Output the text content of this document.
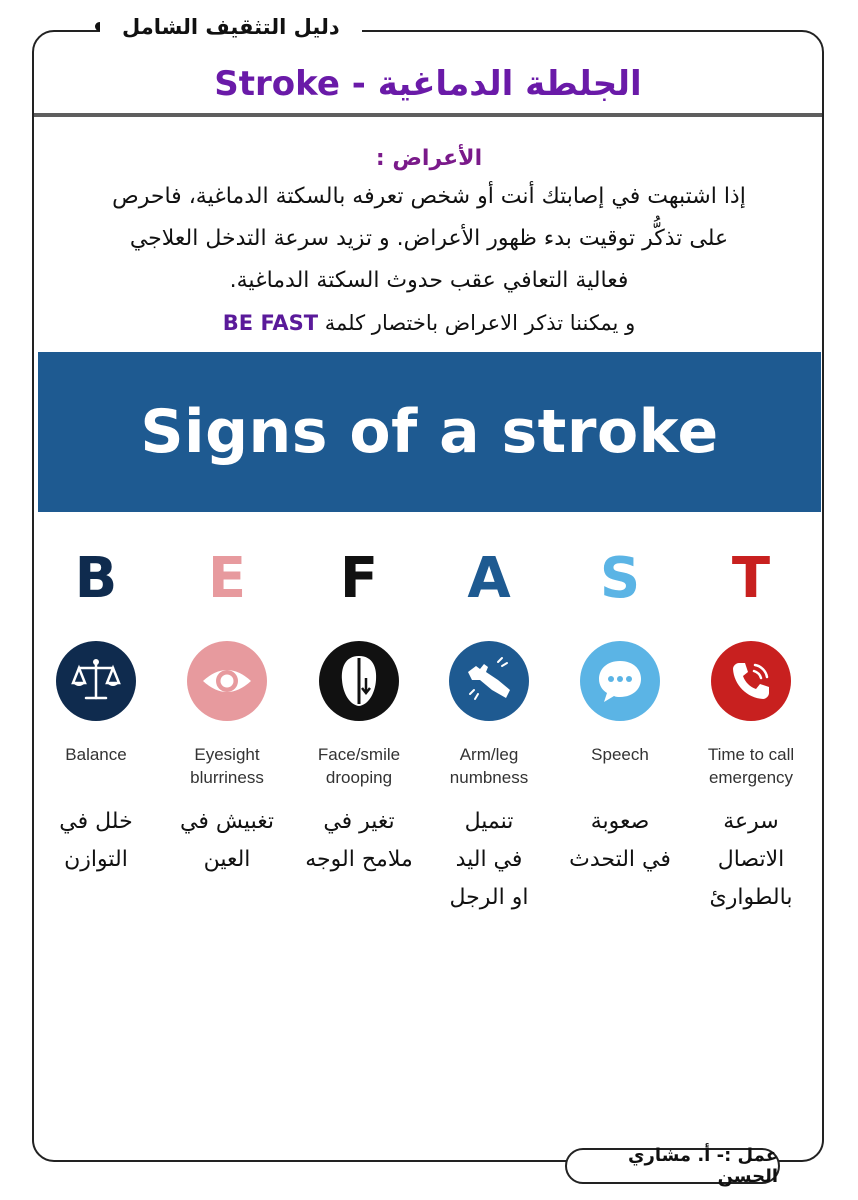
دليل التثقيف الشامل
الجلطة الدماغية - Stroke
الأعراض :
إذا اشتبهت في إصابتك أنت أو شخص تعرفه بالسكتة الدماغية، فاحرص
على تذكُّر توقيت بدء ظهور الأعراض. و تزيد سرعة التدخل العلاجي
فعالية التعافي عقب حدوث السكتة الدماغية.
و يمكننا تذكر الاعراض باختصار كلمة BE FAST
Signs of a stroke
B
Balance
خلل في
التوازن
E
Eyesight
blurriness
تغبيش في
العين
F
Face/smile
drooping
تغير في
ملامح الوجه
A
Arm/leg
numbness
تنميل
في اليد
او الرجل
S
Speech
صعوبة
في التحدث
T
Time to call
emergency
سرعة
الاتصال
بالطوارئ
عمل :- أ. مشاري الحسن
